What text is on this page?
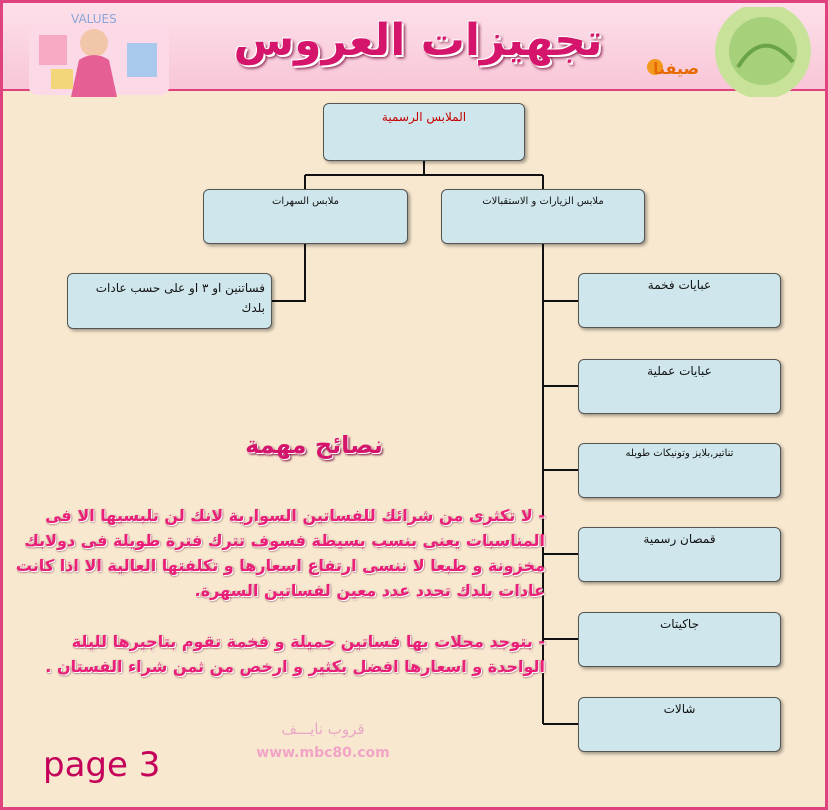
VALUES	تجهيزات العروس
صيفنا
الملابس الرسمية
ملابس السهرات	ملابس الزيارات و الاستقبالات
فساتنين او ٣ او على حسب عادات بلدك
عبايات فخمة
عبايات عملية
تناتير,بلايز وتونيكات طويله
قمصان رسمية
جاكيتات
شالات
نصائح مهمة
- لا تكثرى من شرائك للفساتين السوارية لانك لن تلبسيها الا فى المناسبات يعنى بنسب بسيطة فسوف تترك فترة طويلة فى دولابك مخزونة و طبعا لا ننسى ارتفاع اسعارها و تكلفتها العالية الا اذا كانت عادات بلدك تحدد عدد معين لفساتين السهرة.
- بتوجد محلات بها فساتين جميلة و فخمة تقوم بتاجيرها لليلة الواحدة و اسعارها افضل بكثير و ارخص من ثمن شراء الفستان .
قروب نايـــف
www.mbc80.com
page 3
